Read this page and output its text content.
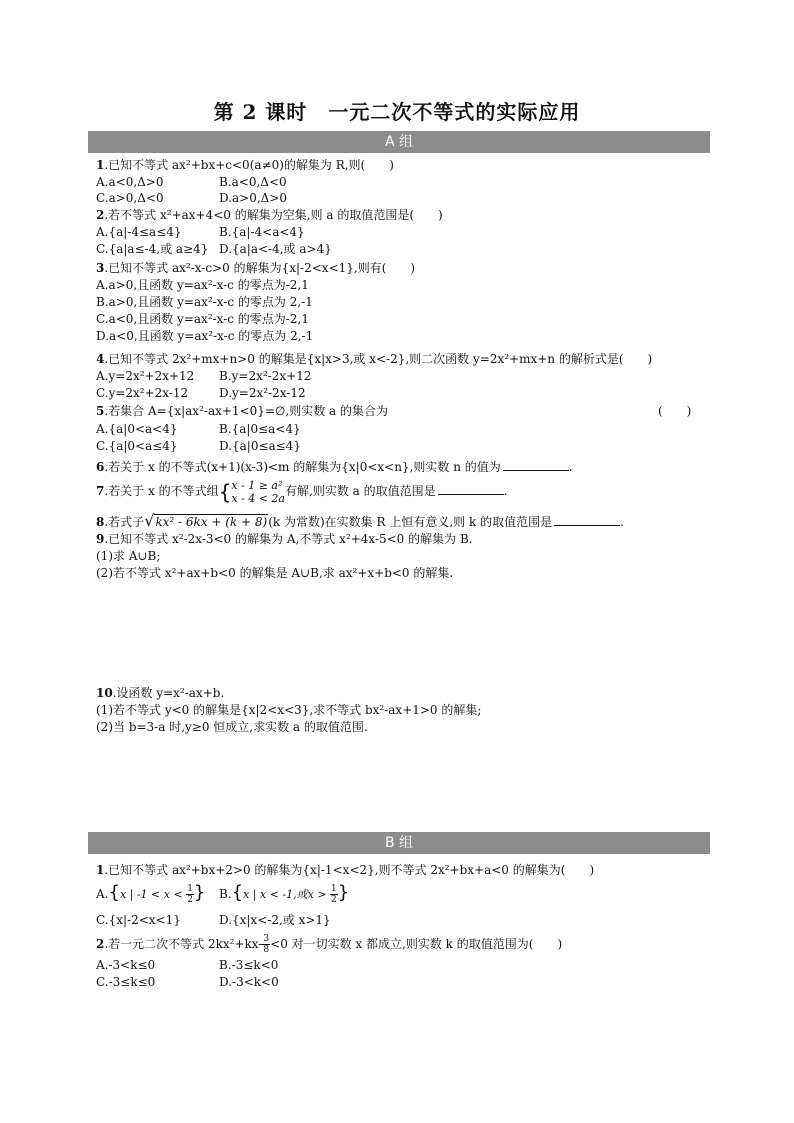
第 2 课时　一元二次不等式的实际应用
A 组
1.已知不等式 ax²+bx+c<0(a≠0)的解集为 R,则(　　)
A.a<0,Δ>0	B.a<0,Δ<0
C.a>0,Δ<0	D.a>0,Δ>0
2.若不等式 x²+ax+4<0 的解集为空集,则 a 的取值范围是(　　)
A.{a|-4≤a≤4}	B.{a|-4<a<4}
C.{a|a≤-4,或 a≥4} D.{a|a<-4,或 a>4}
3.已知不等式 ax²-x-c>0 的解集为{x|-2<x<1},则有(　　)
A.a>0,且函数 y=ax²-x-c 的零点为-2,1
B.a>0,且函数 y=ax²-x-c 的零点为 2,-1
C.a<0,且函数 y=ax²-x-c 的零点为-2,1
D.a<0,且函数 y=ax²-x-c 的零点为 2,-1
4.已知不等式 2x²+mx+n>0 的解集是{x|x>3,或 x<-2},则二次函数 y=2x²+mx+n 的解析式是(　　)
A.y=2x²+2x+12 B.y=2x²-2x+12
C.y=2x²+2x-12	D.y=2x²-2x-12
5.若集合 A={x|ax²-ax+1<0}=∅,则实数 a 的集合为	(　　)
A.{a|0<a<4}	B.{a|0≤a<4}
C.{a|0<a≤4}	D.{a|0≤a≤4}
6.若关于 x 的不等式(x+1)(x-3)<m 的解集为{x|0<x<n},则实数 n 的值为	.
7.若关于 x 的不等式组{ x - 1 ≥ a²
x - 4 < 2a 有解,则实数 a 的取值范围是	.
8.若式子√kx² - 6kx + (k + 8)(k 为常数)在实数集 R 上恒有意义,则 k 的取值范围是	.
9.已知不等式 x²-2x-3<0 的解集为 A,不等式 x²+4x-5<0 的解集为 B.
(1)求 A∪B;
(2)若不等式 x²+ax+b<0 的解集是 A∪B,求 ax²+x+b<0 的解集.
10.设函数 y=x²-ax+b.
(1)若不等式 y<0 的解集是{x|2<x<3},求不等式 bx²-ax+1>0 的解集;
(2)当 b=3-a 时,y≥0 恒成立,求实数 a 的取值范围.
B 组
1.已知不等式 ax²+bx+2>0 的解集为{x|-1<x<2},则不等式 2x²+bx+a<0 的解集为(　　)
A.{x | $-1 < x < \frac{1}{2}$ } B.{x | x < -1,或$x > \frac{1}{2}$ }
C.{x|-2<x<1}	D.{x|x<-2,或 x>1}
2.若一元二次不等式 $2kx^2+kx- \frac{3}{8} <0$ 对一切实数 x 都成立,则实数 k 的取值范围为(　　)
A.-3<k≤0	B.-3≤k<0
C.-3≤k≤0	D.-3<k<0
